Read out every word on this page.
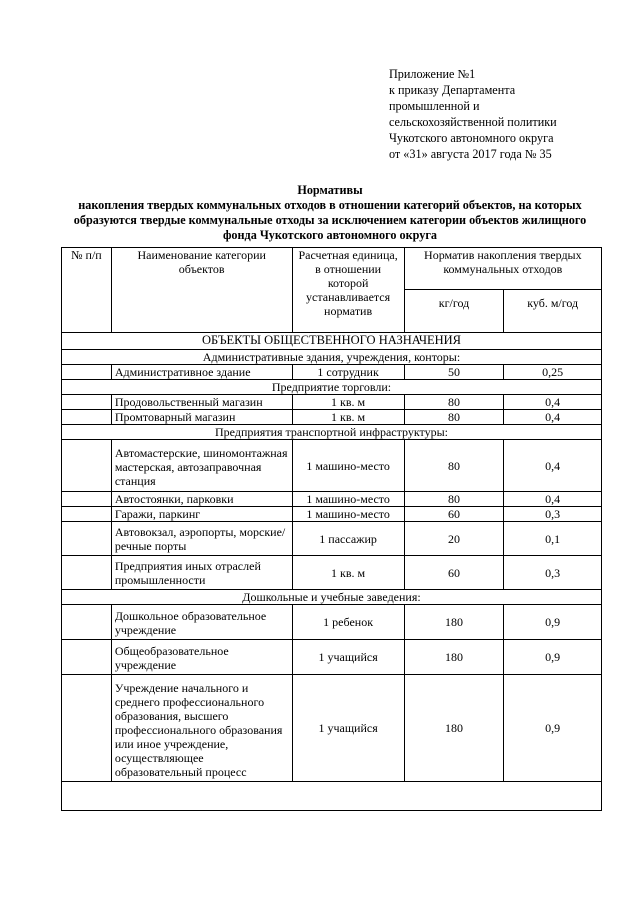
Приложение №1
к приказу Департамента
промышленной и
сельскохозяйственной политики
Чукотского автономного округа
от «31» августа 2017 года № 35
Нормативы
накопления твердых коммунальных отходов в отношении категорий объектов, на которых
образуются твердые коммунальные отходы за исключением категории объектов жилищного
фонда Чукотского автономного округа
№ п/п	Наименование категории объектов	Расчетная единица, в отношении которой устанавливается норматив	Норматив накопления твердых коммунальных отходов	
			кг/год	куб. м/год
ОБЪЕКТЫ ОБЩЕСТВЕННОГО НАЗНАЧЕНИЯ				
Административные здания, учреждения, конторы:				
	Административное здание	1 сотрудник	50	0,25
Предприятие торговли:				
	Продовольственный магазин	1 кв. м	80	0,4
	Промтоварный магазин	1 кв. м	80	0,4
Предприятия транспортной инфраструктуры:				
	Автомастерские, шиномонтажная мастерская, автозаправочная станция	1 машино-место	80	0,4
	Автостоянки, парковки	1 машино-место	80	0,4
	Гаражи, паркинг	1 машино-место	60	0,3
	Автовокзал, аэропорты, морские/речные порты	1 пассажир	20	0,1
	Предприятия иных отраслей промышленности	1 кв. м	60	0,3
Дошкольные и учебные заведения:				
	Дошкольное образовательное учреждение	1 ребенок	180	0,9
	Общеобразовательное учреждение	1 учащийся	180	0,9
	Учреждение начального и среднего профессионального образования, высшего профессионального образования или иное учреждение, осуществляющее образовательный процесс	1 учащийся	180	0,9
